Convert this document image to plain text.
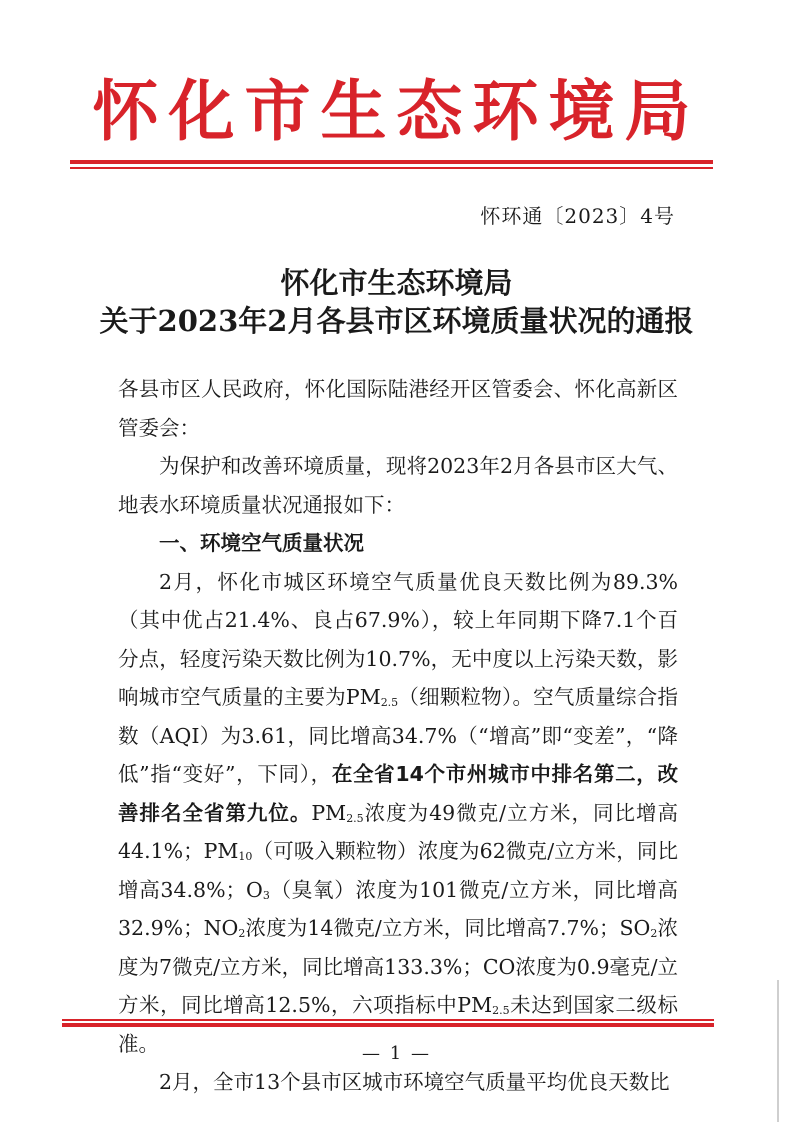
怀化市生态环境局
怀环通〔2023〕4号
怀化市生态环境局
关于2023年2月各县市区环境质量状况的通报

各县市区人民政府，怀化国际陆港经开区管委会、怀化高新区管委会：

为保护和改善环境质量，现将2023年2月各县市区大气、地表水环境质量状况通报如下：

一、环境空气质量状况

2月，怀化市城区环境空气质量优良天数比例为89.3%（其中优占21.4%、良占67.9%），较上年同期下降7.1个百分点，轻度污染天数比例为10.7%，无中度以上污染天数，影响城市空气质量的主要为$PM_{2.5}$（细颗粒物）。空气质量综合指数（AQI）为3.61，同比增高34.7%（“增高”即“变差”，“降低”指“变好”，下同），在全省14个市州城市中排名第二，改善排名全省第九位。$PM_{2.5}$浓度为49微克/立方米，同比增高44.1%；$PM_{10}$（可吸入颗粒物）浓度为62微克/立方米，同比增高34.8%；$O_3$（臭氧）浓度为101微克/立方米，同比增高32.9%；$NO_2$浓度为14微克/立方米，同比增高7.7%；$SO_2$浓度为7微克/立方米，同比增高133.3%；CO浓度为0.9毫克/立方米，同比增高12.5%，六项指标中$PM_{2.5}$未达到国家二级标准。

2月，全市13个县市区城市环境空气质量平均优良天数比

— 1 —
